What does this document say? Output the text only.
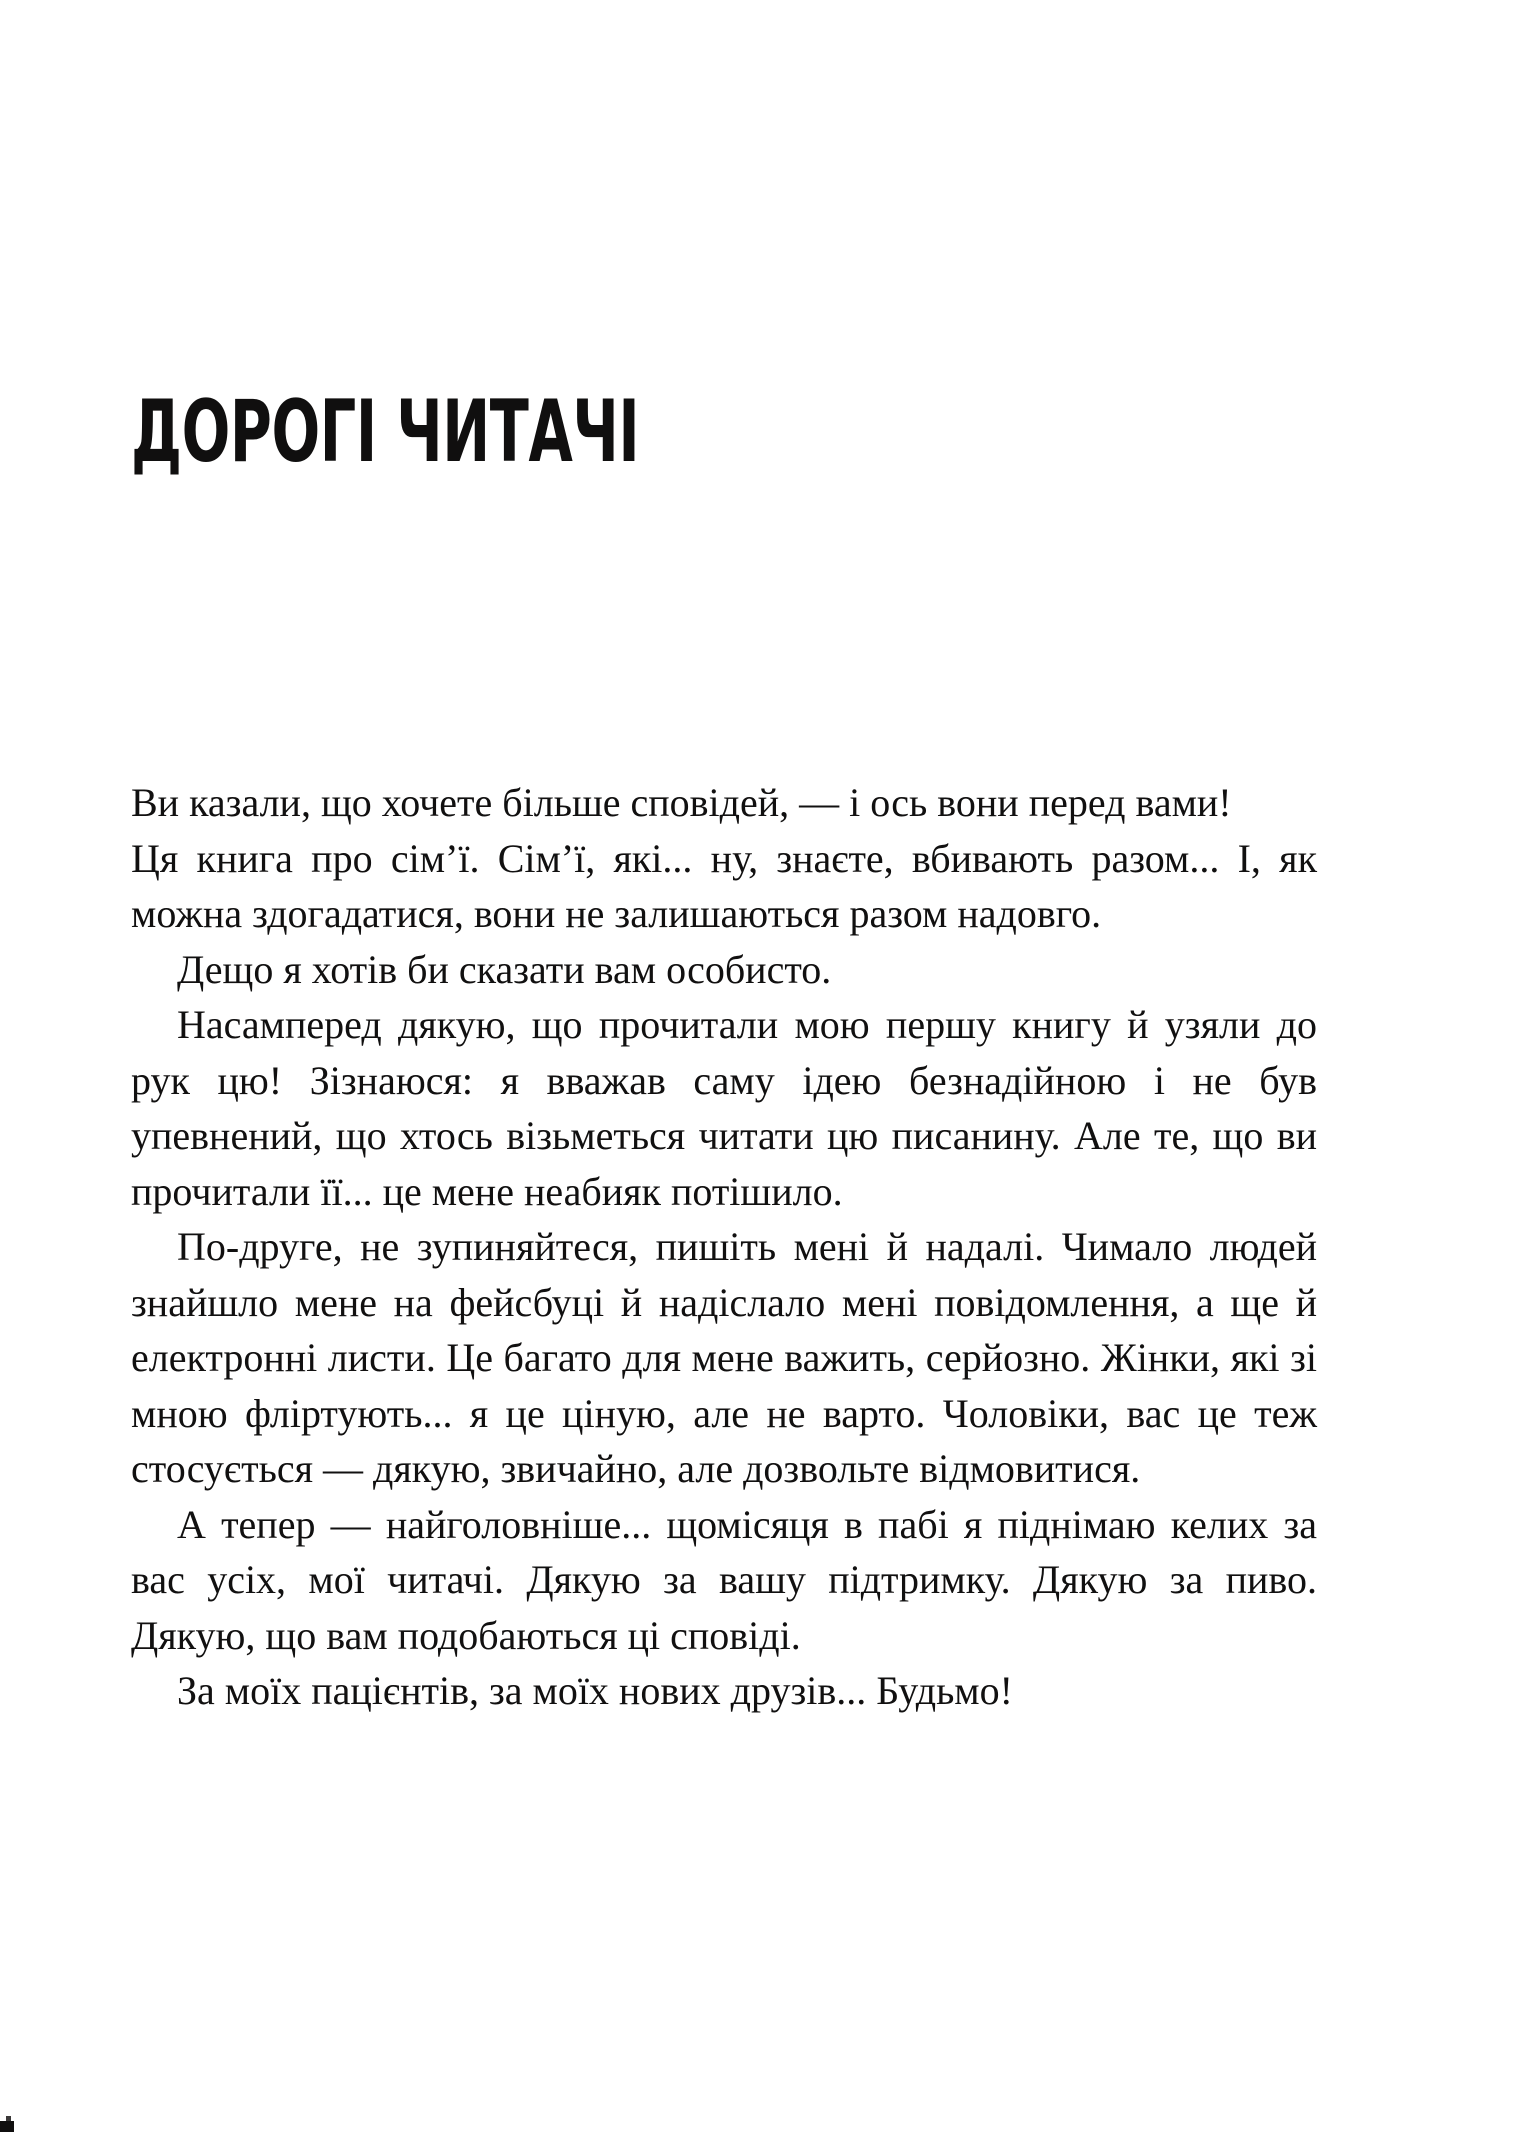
ДОРОГІ ЧИТАЧІ

Ви казали, що хочете більше сповідей, — і ось вони перед вами!

Ця книга про сім’ї. Сім’ї, які... ну, знаєте, вбивають разом... І, як можна здогадатися, вони не залишаються разом надовго.

Дещо я хотів би сказати вам особисто.

Насамперед дякую, що прочитали мою першу книгу й узяли до рук цю! Зізнаюся: я вважав саму ідею безнадійною і не був упевнений, що хтось візьметься читати цю писанину. Але те, що ви прочитали її... це мене неабияк потішило.

По-друге, не зупиняйтеся, пишіть мені й надалі. Чимало людей знайшло мене на фейсбуці й надіслало мені повідомлення, а ще й електронні листи. Це багато для мене важить, серйозно. Жінки, які зі мною фліртують... я це ціную, але не варто. Чоловіки, вас це теж стосується — дякую, звичайно, але дозвольте відмовитися.

А тепер — найголовніше... щомісяця в пабі я піднімаю келих за вас усіх, мої читачі. Дякую за вашу підтримку. Дякую за пиво. Дякую, що вам подобаються ці сповіді.

За моїх пацієнтів, за моїх нових друзів... Будьмо!
